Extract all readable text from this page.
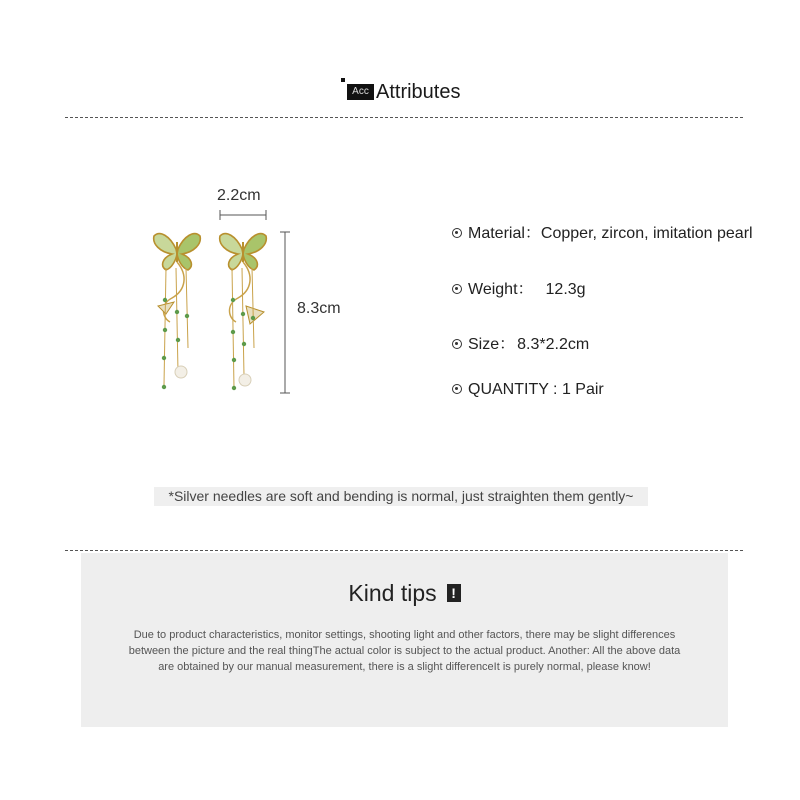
Acc Attributes
2.2cm
8.3cm
Material：Copper, zircon, imitation pearl
Weight： 12.3g
Size： 8.3*2.2cm
QUANTITY : 1 Pair
*Silver needles are soft and bending is normal, just straighten them gently~
Kind tips !
Due to product characteristics, monitor settings, shooting light and other factors, there may be slight differences between the picture and the real thingThe actual color is subject to the actual product. Another: All the above data are obtained by our manual measurement, there is a slight differenceIt is purely normal, please know!
